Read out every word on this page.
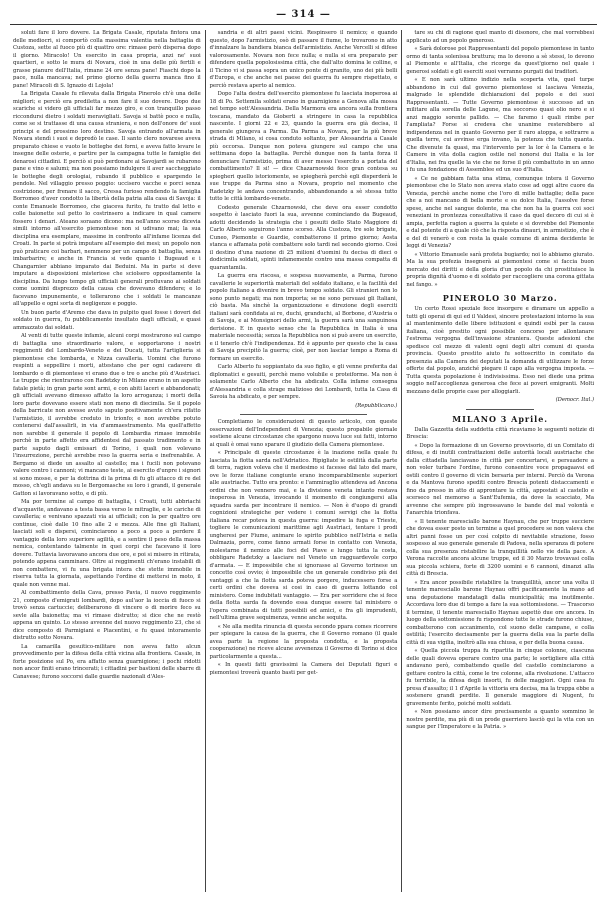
— 314 —

soluti fare il loro dovere. La Brigata Casale, riputata fintora una delle mediocri, si comportò colla massima valentia nella battaglia di Custoza, sette al fuoco più di quattro ore: rimase però dispersa dopo il giorno. Miracolo! Un esercito in casa propria, anzi ne' suoi quartieri, e sotto le mura di Novara, cioè in una delle più fertili e grasse pianure dell'Italia, rimane 24 ore senza pane! Fiaschi dopo la pace, nulla mancava; nel primo giorno della guerra manca fino il pane! Miracoli di S. Ignazio di Lojola!

La Brigata Casale fu rilevata dalla Brigata Pinerolo ch'è una delle migliori; e perciò era prediletta a non fare il suo dovere. Dopo due scariche si videro gli ufficiali far mezzo giro, e con tranquillo passo riccondursi dietro i soldati meravigliati. Savoja si battè poco e nulla, come se si trattasse di una causa straniera, e non dell'onore de' suoi principi e del prossimo loro destino. Savoja entrando all'armata in Novara stendì i suoi e depredò le case. Il santo clero novarese aveva preparato chiese e vuoto le botteghe dei forni, e aveva fatto levare le insegne delle osterie, e partire per la campagna tutte le famiglie dei denarosi cittadini. E perciò si può perdonare ai Savojardi se rubarono pane e vino e salumi; ma non possiamo indulgere il aver saccheggiato le botteghe degli orologiai, rubando il pubblico e spargendo le pendole. Nel villaggio presso poggio: uccisero vacche e porci senza costrizione, per frenare il sacco, Cressa furioso rendendo la famiglia Borromeo d'aver condotto la libertà della patria alla casa di Savoja: il conte Emanuele Borromeo, che giaceva furito, fu tratto dal letto e colle baionette sul petto lo costrinsero a indicare in qual camere fossero i denari. Ateano soraano dicono: ma nell'anno scorso dicevia simili intorno all'esercito piemontese non si udivano mai; la sua disciplina era esemplare, massime in confronto all'infame licenza del Croati. In parte si potrà imputare all'esempio dei mesi; un popolo non può praticare coi barbari, nemmeno per un campo di battaglia, senza imbarbarire; e anche in Francia si vede quanto i Bugeaud e i Changarnier abbiano imparato dai Beduini. Ma in parte si deve imputare a disposizioni misteriose che sciolsero oppositamente la disciplina. Da lungo tempo gli ufficiali generali profluvano ai soldati come uomini disprezzo della causa che dovevano difendere; e lo facevano impunemente, e tollerarono che i soldati le mancanze all'appello e ogni sorta di negligenze e poggio.

Un buon parte d'Aremo che dava in pulpito quel fosse i doveri del soldato in guerra, fu pubblicamente insultato dagli ufficiali, e quasi ammazzato dai soldati.

Al venti di tutte queste infamie, alcuni corpi mostrarono sul campo di battaglia uno straordinario valore, e sopportarono i nostri reggimenti del Lombardo-Veneto e dei Ducati, tutta l'artiglieria si piemontese che lombarda, e Nizza cavalleria. Uomini che furono respinti a seppellire i morti, attestano che per ogni cadavere di lombardo o di piemontese vi erano due o tre o anche più d'Austriaci. Le truppe che rientrarono con Radetzky in Milano erano in un aspetto fatale pietà; in gran parte sont armi, e con abiti laceri e abbandonati; gli ufficiali avevano dimesso affatto la loro arroganza; i morti della loro parte dovevano essere stati non meno di diecimila. Se il popolo della barricate non avesse avuto saputo positivamente ch'era rifatto l'armistizio, il avrebbe creduto in trionfo; e non avrebbe potuto contenersi dall'assalirli, in via d'ammaestramento. Ma quell'affetto non sarebbe il generale il popolo di Lombardia rimase immobile perchè in parte affetto era affidentesi dal passato tradimento e in parte saputo dagli emissari di Torino, i quali non volevano l'insurrezione, perchè avrebbe reso la guerra seria e inefrenabile. A Bergamo si diede un assalto al castello; ma i fucili non potevano valere contro i cannoni; vi mancano teste, ai esercito d'unpre i signori si sono mosse, e per la dottrina di la prima di fu gli attacco di re del mosso, ch'egli andava su le Bergomasche su loro i grandi, il generale Gatton si lavoravano sotto, e di più.

Ma por termine al campo di battaglia, i Croati, tutti abbriachi d'acquavite, andavano a testa bassa verso le mitraglie, e le cariche di cavalleria; e venivano spazzati via ai ufficiali; con la per quattro ore continue, cioè dalle 10 fino alle 2 e mezza. Alle fine gli Italiani, lasciati soli e dispersi, cominciarono a poco a poco a perdere il vantaggio della loro superiore agilità, e a sentire il peso della massa nemica, contentando talmente in quei corpi che facevano il loro dovere. Tuttavia lavoravano ancora due ore, e poi si misero in ritirata, potendo appena camminare. Oltre ai reggimenti ch'erano instabili di non combattere, vi fu una brigata intera che stette immobile in riserva tutta la giornata, aspettando l'ordine di mettersi in moto, il quale non venne mai.

Al combattimento della Cava, presso Pavia, il nuovo reggimento 21, composto d'emigrati lombardi, dopo aul'aor la ioccia di fuoco si trovò senza cartuccie; deliberarono di vincere o di morire feco su sevle alla baionetta; ma vi rimase distrutto; si dice che ne restò appena un quinto. Lo stesso avvenne del nuovo reggimento 23, che si dice composto di Parmigiani e Piacentini, e fu quasi intoramento distrutto sotto Novara.

La camarilla gesuitico-militare non aveva fatto alcun provvedimento per la difesa della città vicina alla frontiera. Casale, in forte posizione sul Po, era affatto senza guarnigione; i pochi ridotti non ancor finiti erano trincerati; i cittadini per bastioni delle sbarre di Canavese; furono soccorsi dalle guardie nazionali d'Ales-

sandria e di altri paesi vicini. Respinsero il nemico; e quando questo, dopo l'armistizio, osò di passare il fiume, lo trovarono in atto d'innalzare la bandiera bianca dell'armistizio. Anche Vercelli si difese valorosamente. Novara non fece nulla; e nulla si era preparato per difendere quella popolosissima città, che dall'alto domina le colline, e il Ticino vi si passa sopra un unico ponte di granito, uno dei più belli d'Europa, e che anche nei paese dei guerra fu sempre rispettato, e perciò restava aperto al nemico.

Dopo l'alta destra dell'esercito piemontese fu lasciata inoperosa ai 18 di Po. Settemila soldati erano in guarnigione a Genova alla mossa nel tempo sott'Alessandria. Della Marmora era ancora sulla frontiera toscana, mandato da Gioberti a stringere in casa la repubblica nascente. I giorni 22 e 23, quando la guerra era già decisa, il generale giungeva a Parma. Da Parma a Novara, per la più breve strada di Milano, si cosa conduto soltanto, per Alessandria a Casale più occorsa. Dunque non poteva giungere sul campo che una settimana dopo la battaglia. Perchè dunque non fa tanta forza il denunciare l'armistizio, prima di aver messo l'esercito a portata del combattimento? Il si! — dice Chazarnowski fece gran contesa su spiegheri quello istoriomente, se spiegherà perchè egli disperderà le sue truppe da Parma sino a Novara, proprio nel momento che Radetzky le andava concentrando, abbandonando a sè stessa tutto tutto le città lombardo-venete.

Codesto generale Chzarnowski, che deve ora esser condotto sospetto è lasciato fuori la sua, avvenne cominciando da Bugeaud, adotti decidendo la strategia che i gesuiti dello Stato Maggiore di Carlo Alberto seguirono l'anno scorso. Alla Custoza, tre sole brigate, Cuneo, Piemonte e Guardie, combatterono il primo giorno; Aosta stanca e affamata potè combattere solo tardi nel secondo giorno. Così il destino d'una nazione di 25 milioni d'uomini fu decisa di dieci o dodicimila soldati, spinti infamemente contro una massa compatta di quarantamila.

La guerra era riscosa, e sospesa nuovamente, a Parma, furono cavallerie le superiorità materiali del soldato italiano, e la facilità del popolo italiano a divenire in brevo tempo soldato. Gli stranieri non lo sono punto negati; ma non importa; se ne sono persuasi gli Italiani, ciò basta. Ma sinchè la organizzazione e direzione degli eserciti italiani sarà confidata ai re, duchi, granduchi, al Borbone, d'Austria o di Savoja, e ai Monsignori dello armi, la guerra sarà una sanguinosa derisione. E in questo senso che la Repubblica in Italia è una materiale necessità; senza la Repubblica non si può avere un esercito, e il tenerlo ch'è l'indipendenza. Ed è appunto per questo che la casa di Savoja precipitò la guerra; cioè, per non lasciar tempo a Roma di formare un esercito.

Carlo Alberto fu soppiantato da suo figlio, e gli venne preferita dai diplomatici e gesuiti, perchè meno volubile e proteiforme. Ma non è solamente Carlo Alberto che ha abdicato. Colla infame consegna d'Alessandria e colla strage malizioso dei Lombardi, tutta la Casa di Savoia ha abdicato, e per sempre.

(Repubblicano.)

Completiamo le considerazioni di questo articolo, con queste osservazioni dell'Independent di Venezia; questo propabile giornale sostiene alcune circostanze che spargono nuova luce sui fatti, intorno ai quali è omai vano sparare il giudizio della Camera piemontese.

« Principale di queste circostanze è la inazione nella quale fu lasciata la flotta sarda nell'Adriatico. Ripigliate le ostilità dalla parte di terra, ragion voleva che il medesimo si facesse dal lato del mare, ove le forze italiane congiunte erano incomparabilmente superiori alle austriache. Tutto era pronto: e l'ammiraglio attendeva ad Ancona ordini che non vennero mai, e la divisione veneta intanto restava inoperosa in Venezia, invocando il momento di congiungersi alla squadra sarda per incontrare il nemico. — Non è d'uopo di grandi cognizioni strategiche per vedere i comuni servigi che la flotta italiana recar poteva in questa guerra: impedire la fuga e Trieste, togliere le comunicazioni marittime agli Austriaci, tentare i prodi ungheresi per Fiume, animare lo spirito pubblico nell'Istria e nella Dalmazia, porre, come fanno armati forse in contatto con Venezia, molestarne il nemico alle foci del Piave e lungo tutta la costa, obbligare Radetzky a lasciare nel Veneto un ragguardevole corpo d'armata. — E impossibile che si ignorasse al Governo torinese un concetto così ovvio; è impossibile che un generale condiviso più dei vantaggi a che la flotta sarda poteva porgere, inducessero forse a certi ordini che doveva si cosi in caso di guerra lottando col ministero. Come indubitati vantaggio. — Era per sorridere che si fece della flotta sarda fa dovendo essa dunque essere tal ministero o l'opera combinata di tutti possibili ed amici, e fra gli imprudenti, nell'ultima grave sequimenza, venne anche sequita.

« Ne alla medita rinuncia di questa secondo ppara comes ricorrere per spiegare la causa de la guerra, che il Governo romano (il quale avea parte la regione la proposta condotta, e la proposta cooperazione) ne riceve alcune avvenenza il Governo di Torino si dice particolarmente a questa...

« In questi fatti gravissimi la Camera dei Deputati figuri e piemontesi troverà quanto basti per get-

tare su chi di ragione quel manto di disonore, che mal vorrebbesi applicato ad un popolo generoso.

« Sarà dolorose poi Rappresentanti del popolo piemontese in tanto ormo di tanta solenissa bruttura; ma lo devono a sè stessi, lo devono al Piemonte e all'Italia, che ricorge da quest'giorno nel quale i generosi soldati e gli eserciti suoi verranno purgati dai traditori.

« E non sarà ultimo indizio nella scoperta vita, quel turpe abbandono in cui dal governo piemontese si lasciava Venezia, malgrado le splendide dichiarazioni del popolo e dei suoi Rappresentanti. — Tutte Governo piemontese è successo ad un militare alla sorella delle Lagune, ma soccorso quasi olio nero e si anzi maggio sorente pallido. — Che faremo i quali rimbe per l'ampliata? Forse si credeva che unanime resterebbero al indipendenza nel in quanto Governo per il raro atoppa, e sottrarre a quella terre, cui avvinse erga invano, la potenza che tutta quanta. Che divenute fa quasi, ma l'intervento per la lor è la Camera e le Camere in vita dolla cagion ostile nel nonorsi dui Italia e la lor d'Italia, nei fra quelle la vie che ne forse il più combattuto in un anno i fu una fondazione di Assemblee ed un suo d'Italia.

« Ce ne gabbiam fatta una stima, comunque intera il Governo piemontese che lo Stato non aveva stato cose ad oggi altre cuore da Venezia, perchè anche nome che l'oro di mille battaglie; della pace che a noi mancano di bella morte e su dolce Italia, l'assolve forse spese, anche nel sangue dolente, ma che non ha la guerra coi soci veneziani in prontezza consultativa il caso da quel decoro di cui si è ampia, perfetta ragion a guerra la quiete e si dovrebbe del Piemonte e dal potente di a quale ciò che la risposta dinauri, in armistizio, che è e del di venerò e con resta la quale comune di anima decidente le leggi di Venezia?

« Vittorio Emanuele sarà profeta bugiardo; noi lo abbiamo giurato. Ma la sua profezia insegnerà ai piemontesi come si faccia buon mercato dei diritti e della gloria d'un popolo da chi prostituisce la propria dignità d'uomo e di soldato per raccogliere una corona gittata nel fango. »

PINEROLO 30 Marzo.

Un certo Rossi speziale fece insorgere e diramare un appello a tutti gli operai di qui ed il Valdesi, sincere protestazioni intorno la sua al mantenimento delle libere istituzioni e quindi esibì per la causa italiana, cioè prestito ogni possibile concorso per allontanare l'estrema vergogna dell'invasione straniera. Queste adesioni che spedisce col mezzo di valenti ogni degli altri comuni di questa provincia. Questo prestito aiuto fu sottoscritto in comitato da presenzia alla Camera dei deputati la domanda di utilizzare le forze offerte dal popolo, anziché piegare il capo alla vergogna imposta. — Tutta questa popolazione è indivisissima. Esso nei diede una prima soggio nell'accoglienza generosa che fece ai poveri emigranti. Molti mezzano delle proprie case per alloggiarli.

(Democr. Ital.)

MILANO 3 Aprile.

Dalla Gazzetta della suddetta città ricaviamo le seguenti notizie di Brescia:

« Dopo la formazione di un Governo provvisorio, di un Comitato di difesa, e di inutili contrattazioni delle autorità locali austriache che dalla cittadella lanciavano in città per concertarvi, e persuadere a non voler turbare l'ordine, furono consentire voce propagaavsi ed ostili contro il governo di vicin bersaria per interni. Perciò da Verona e da Mantova furono spediti contro Brescia potenti distaccamenti e fino da presso in atto di approntare la città, appostati al castello e scerseco nel memorso a Sant'Eufemia, da dove la scacciato, Ma avvenne che sempre più ingrossavano le bande del mal volontà e l'anarchia trionfava.

« Il tenente maresciallo barone Haynau, che per truppe succiere che dovea esser posto un termine a quel procedere se non valeva che altri panni fosse un per così colpito di nevitabile strazione, fosso sospesso al suo generale generale di Padova, nella speranza di potere colla sua presenza ristabilire la tranquillità nello vie della pace. A Verona raccolte ancora alcune truppe, ed il 30 Marzo trovavasi colla sua piccola schiera, forte di 3200 uomini e 6 cannoni, dinanzi alla città di Brescia.

« Era ancor possibile ristabilire la tranquillità, ancor una volta il tenente maresciallo barone Haynau offrì pacificamente la mano ad una deputazione mandatagli dalla municipalità; ma inutilmente. Accordava loro due di tempo a fare la sua sottomissione. — Trascorso il termine, il tenente maresciallo Haynau aspettò due ore ancora. In luogo della sottomissione fu rispondono tutte le strade furono chiuse, combatterono con accanimento, col suono delle campane, e colla ostilità; l'esercito decisamente per la guerra della sua la parte della città di sua vigilia, inoltrò alla sua chiusa, e per della buona causa.

« Quella piccola truppa fu ripartita in cinque colonne, ciascuna delle quali doveva operare contro una parte; le sortigliere alla città andavano però, combattendo quelle del castello cominciarono a gettare contro la città, come le tre colonne, alla rivoluzione. L'attacco fu terribile, la difesa degli insorti, fu delle maggiori. Ogni casa fu presa d'assalto; il 1 d'Aprile la vittoria era decisa, ma la truppa ebbe a sostenere grandi perdite. Il generale maggiore di Nugent, fu gravemente ferito, poiché molti soldati.

« Non possiamo ancor dire precisamente a quanto sommino le nostre perdite, ma più di un prode guerriero lasciò qui la vita con un sangue per l'Imperatore e la Patria. »
